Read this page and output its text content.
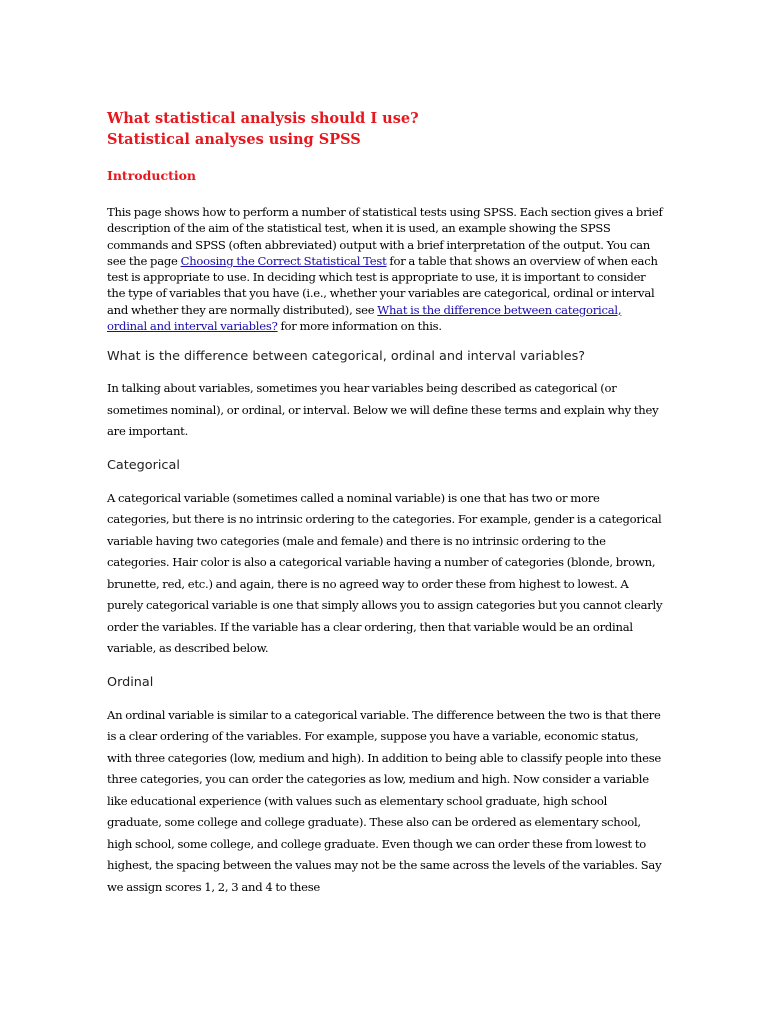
What statistical analysis should I use?

Statistical analyses using SPSS

Introduction

This page shows how to perform a number of statistical tests using SPSS. Each section gives a brief description of the aim of the statistical test, when it is used, an example showing the SPSS commands and SPSS (often abbreviated) output with a brief interpretation of the output. You can see the page Choosing the Correct Statistical Test for a table that shows an overview of when each test is appropriate to use. In deciding which test is appropriate to use, it is important to consider the type of variables that you have (i.e., whether your variables are categorical, ordinal or interval and whether they are normally distributed), see What is the difference between categorical, ordinal and interval variables? for more information on this.

What is the difference between categorical, ordinal and interval variables?

In talking about variables, sometimes you hear variables being described as categorical (or sometimes nominal), or ordinal, or interval. Below we will define these terms and explain why they are important.

Categorical

A categorical variable (sometimes called a nominal variable) is one that has two or more categories, but there is no intrinsic ordering to the categories. For example, gender is a categorical variable having two categories (male and female) and there is no intrinsic ordering to the categories. Hair color is also a categorical variable having a number of categories (blonde, brown, brunette, red, etc.) and again, there is no agreed way to order these from highest to lowest. A purely categorical variable is one that simply allows you to assign categories but you cannot clearly order the variables. If the variable has a clear ordering, then that variable would be an ordinal variable, as described below.

Ordinal

An ordinal variable is similar to a categorical variable. The difference between the two is that there is a clear ordering of the variables. For example, suppose you have a variable, economic status, with three categories (low, medium and high). In addition to being able to classify people into these three categories, you can order the categories as low, medium and high. Now consider a variable like educational experience (with values such as elementary school graduate, high school graduate, some college and college graduate). These also can be ordered as elementary school, high school, some college, and college graduate. Even though we can order these from lowest to highest, the spacing between the values may not be the same across the levels of the variables. Say we assign scores 1, 2, 3 and 4 to these
